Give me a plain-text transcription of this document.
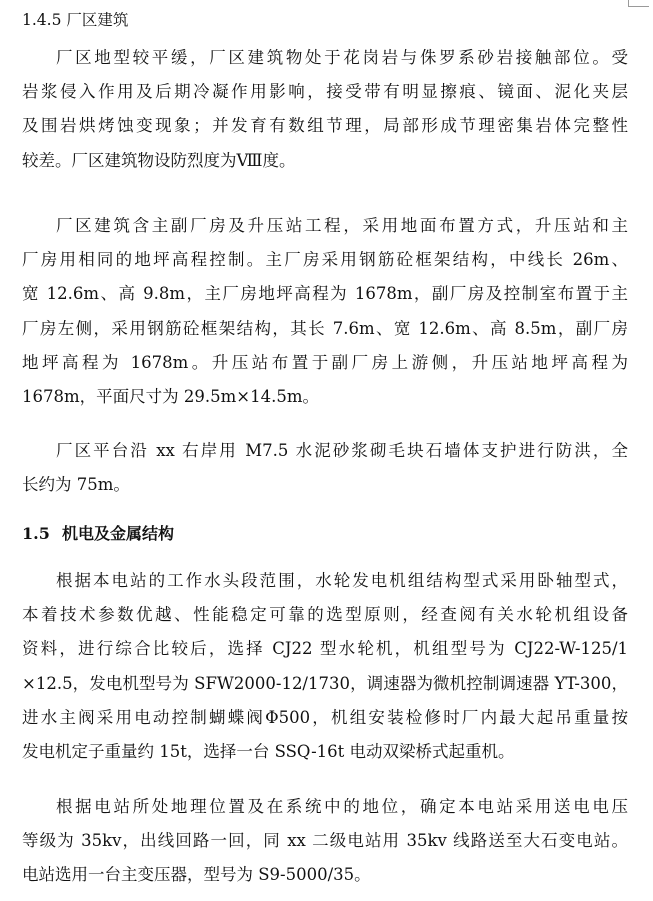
1.4.5 厂区建筑
厂区地型较平缓，厂区建筑物处于花岗岩与侏罗系砂岩接触部位。受
岩浆侵入作用及后期冷凝作用影响，接受带有明显擦痕、镜面、泥化夹层
及围岩烘烤蚀变现象；并发育有数组节理，局部形成节理密集岩体完整性
较差。厂区建筑物设防烈度为Ⅷ度。
厂区建筑含主副厂房及升压站工程，采用地面布置方式，升压站和主
厂房用相同的地坪高程控制。主厂房采用钢筋砼框架结构，中线长 26m、
宽 12.6m、高 9.8m，主厂房地坪高程为 1678m，副厂房及控制室布置于主
厂房左侧，采用钢筋砼框架结构，其长 7.6m、宽 12.6m、高 8.5m，副厂房
地坪高程为 1678m。升压站布置于副厂房上游侧，升压站地坪高程为
1678m，平面尺寸为 29.5m×14.5m。
厂区平台沿 xx 右岸用 M7.5 水泥砂浆砌毛块石墙体支护进行防洪，全
长约为 75m。
1.5 机电及金属结构
根据本电站的工作水头段范围，水轮发电机组结构型式采用卧轴型式，
本着技术参数优越、性能稳定可靠的选型原则，经查阅有关水轮机组设备
资料，进行综合比较后，选择 CJ22 型水轮机，机组型号为 CJ22-W-125/1
×12.5，发电机型号为 SFW2000-12/1730，调速器为微机控制调速器 YT-300，
进水主阀采用电动控制蝴蝶阀Φ500，机组安装检修时厂内最大起吊重量按
发电机定子重量约 15t，选择一台 SSQ-16t 电动双梁桥式起重机。
根据电站所处地理位置及在系统中的地位，确定本电站采用送电电压
等级为 35kv，出线回路一回，同 xx 二级电站用 35kv 线路送至大石变电站。
电站选用一台主变压器，型号为 S9-5000/35。
